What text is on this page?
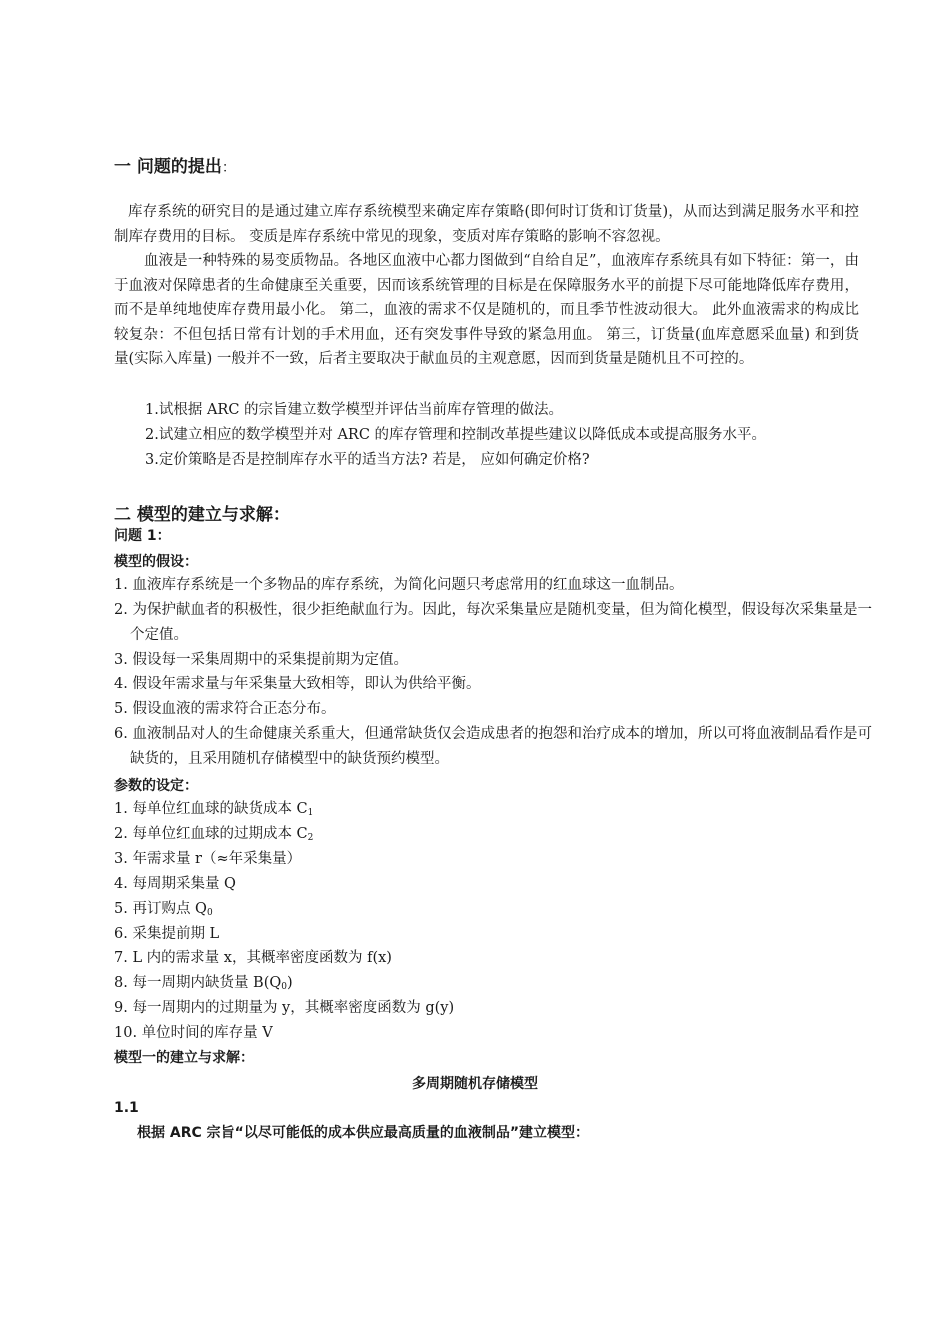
一 问题的提出：
库存系统的研究目的是通过建立库存系统模型来确定库存策略(即何时订货和订货量)，从而达到满足服务水平和控制库存费用的目标。 变质是库存系统中常见的现象，变质对库存策略的影响不容忽视。
血液是一种特殊的易变质物品。各地区血液中心都力图做到“自给自足”，血液库存系统具有如下特征：第一，由于血液对保障患者的生命健康至关重要，因而该系统管理的目标是在保障服务水平的前提下尽可能地降低库存费用，而不是单纯地使库存费用最小化。 第二，血液的需求不仅是随机的，而且季节性波动很大。 此外血液需求的构成比较复杂：不但包括日常有计划的手术用血，还有突发事件导致的紧急用血。 第三，订货量(血库意愿采血量) 和到货量(实际入库量) 一般并不一致，后者主要取决于献血员的主观意愿，因而到货量是随机且不可控的。
1.试根据 ARC 的宗旨建立数学模型并评估当前库存管理的做法。
2.试建立相应的数学模型并对 ARC 的库存管理和控制改革提些建议以降低成本或提高服务水平。
3.定价策略是否是控制库存水平的适当方法? 若是， 应如何确定价格?
二 模型的建立与求解：
问题 1：
模型的假设：
1. 血液库存系统是一个多物品的库存系统，为简化问题只考虑常用的红血球这一血制品。
2. 为保护献血者的积极性，很少拒绝献血行为。因此，每次采集量应是随机变量，但为简化模型，假设每次采集量是一个定值。
3. 假设每一采集周期中的采集提前期为定值。
4. 假设年需求量与年采集量大致相等，即认为供给平衡。
5. 假设血液的需求符合正态分布。
6. 血液制品对人的生命健康关系重大，但通常缺货仅会造成患者的抱怨和治疗成本的增加，所以可将血液制品看作是可缺货的，且采用随机存储模型中的缺货预约模型。
参数的设定：
1. 每单位红血球的缺货成本 $C_1$
2. 每单位红血球的过期成本 $C_2$
3. 年需求量 r（≈年采集量）
4. 每周期采集量 Q
5. 再订购点 $Q_0$
6. 采集提前期 L
7. L 内的需求量 x，其概率密度函数为 f(x)
8. 每一周期内缺货量 $B(Q_0)$
9. 每一周期内的过期量为 y，其概率密度函数为 g(y)
10. 单位时间的库存量 V
模型一的建立与求解：
多周期随机存储模型
1.1
根据 ARC 宗旨“以尽可能低的成本供应最高质量的血液制品”建立模型：
